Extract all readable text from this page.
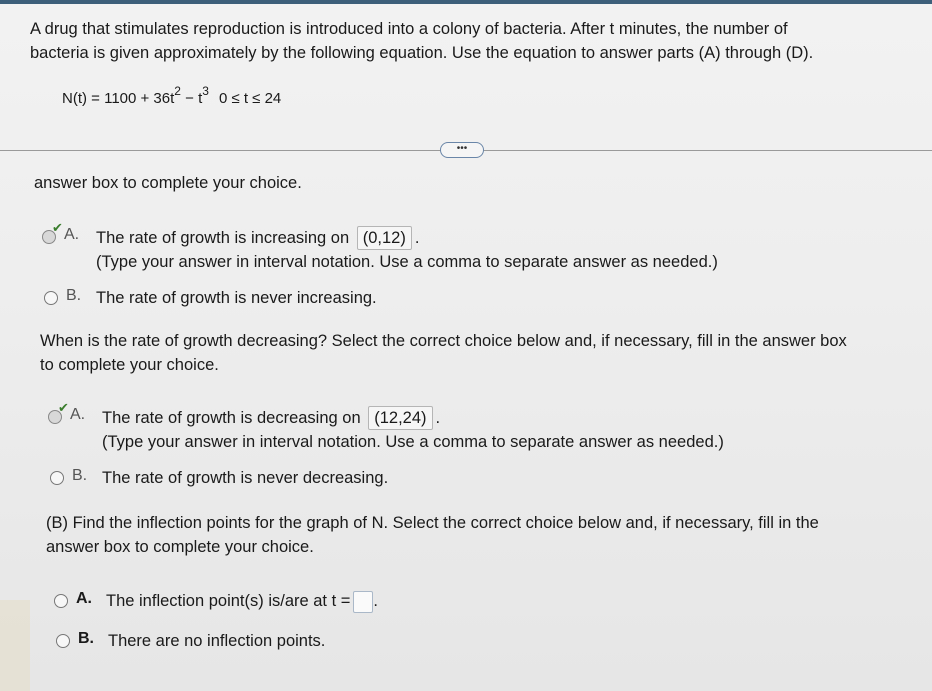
A drug that stimulates reproduction is introduced into a colony of bacteria. After t minutes, the number of
bacteria is given approximately by the following equation. Use the equation to answer parts (A) through (D).
$N(t) = 1100 + 36t^2 - t^3$ 0 ≤ t ≤ 24
•••
answer box to complete your choice.
✔ A. The rate of growth is increasing on (0,12) .
(Type your answer in interval notation. Use a comma to separate answer as needed.)
B. The rate of growth is never increasing.
When is the rate of growth decreasing? Select the correct choice below and, if necessary, fill in the answer box
to complete your choice.
✔ A. The rate of growth is decreasing on (12,24) .
(Type your answer in interval notation. Use a comma to separate answer as needed.)
B. The rate of growth is never decreasing.
(B) Find the inflection points for the graph of N. Select the correct choice below and, if necessary, fill in the
answer box to complete your choice.
A. The inflection point(s) is/are at t = .
B. There are no inflection points.
